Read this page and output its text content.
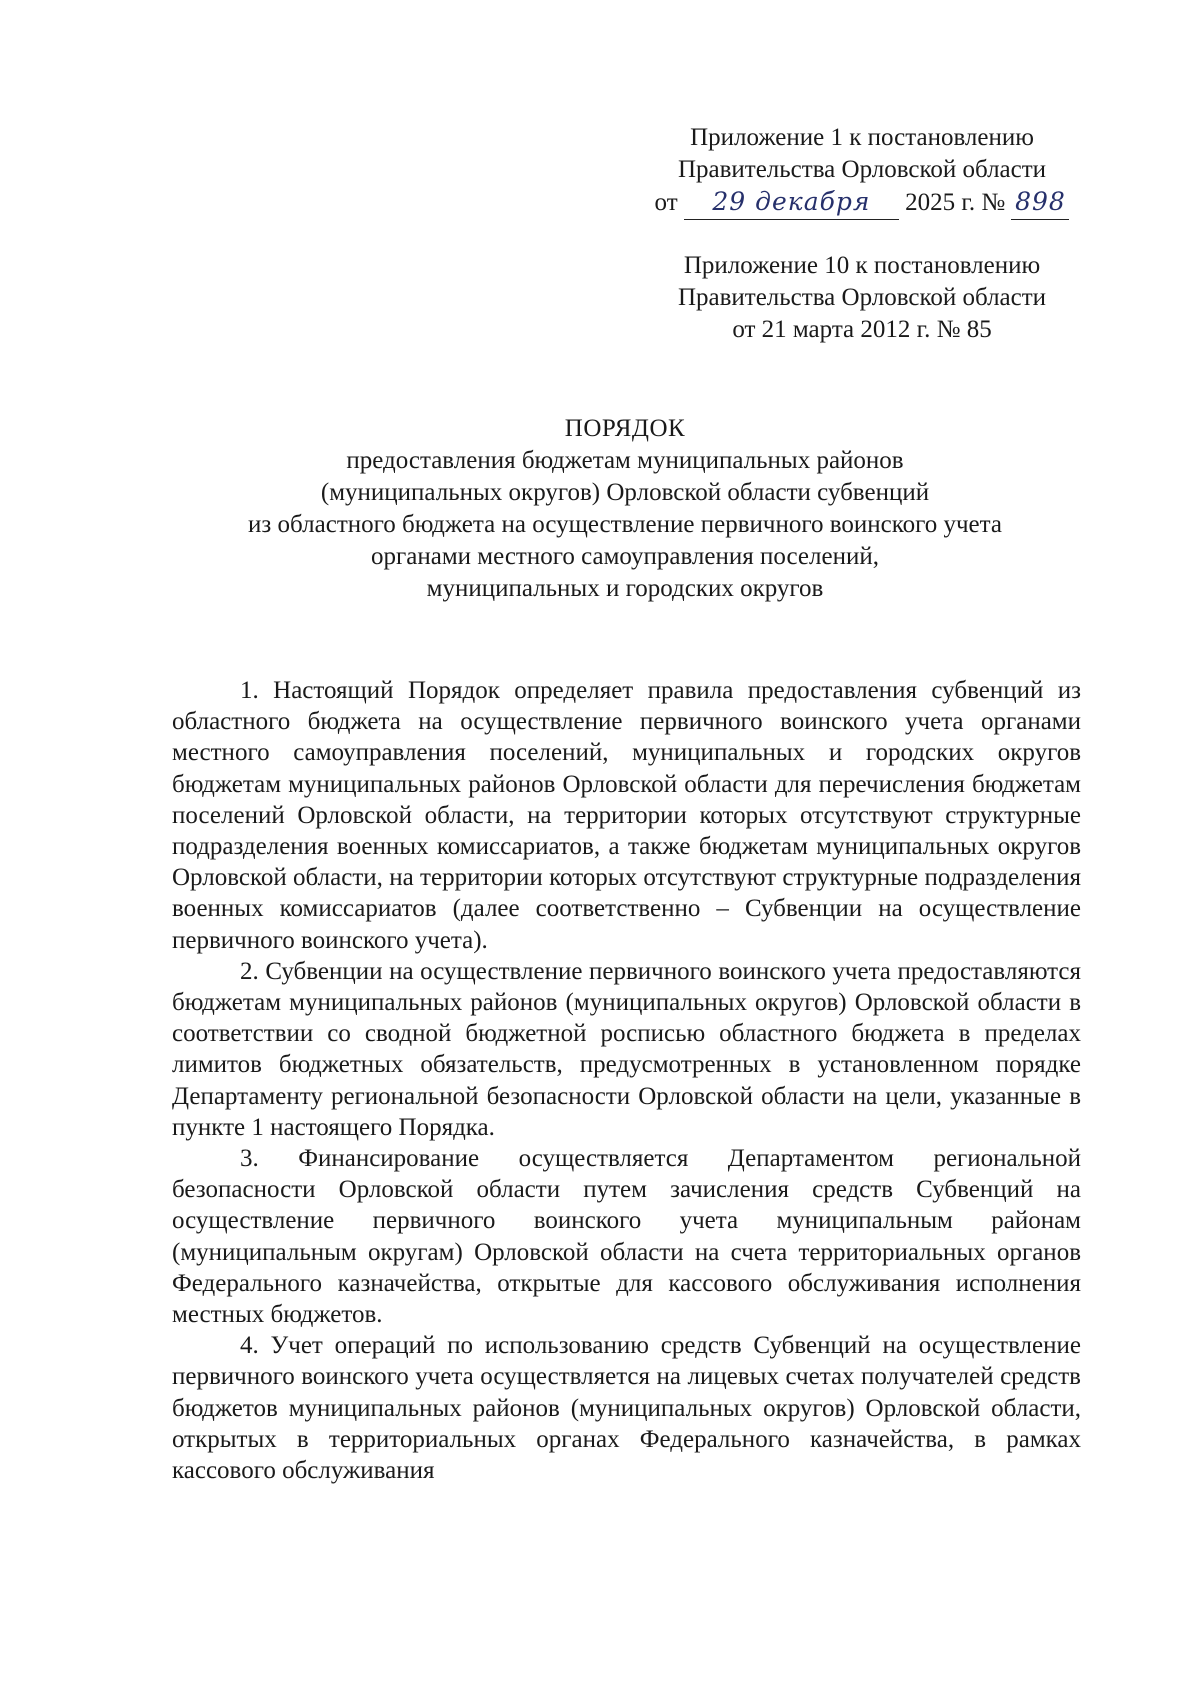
Приложение 1 к постановлению
Правительства Орловской области
от 29 декабря 2025 г. № 898
Приложение 10 к постановлению
Правительства Орловской области
от 21 марта 2012 г. № 85
ПОРЯДОК
предоставления бюджетам муниципальных районов
(муниципальных округов) Орловской области субвенций
из областного бюджета на осуществление первичного воинского учета
органами местного самоуправления поселений,
муниципальных и городских округов

1. Настоящий Порядок определяет правила предоставления субвенций из областного бюджета на осуществление первичного воинского учета органами местного самоуправления поселений, муниципальных и городских округов бюджетам муниципальных районов Орловской области для перечисления бюджетам поселений Орловской области, на территории которых отсутствуют структурные подразделения военных комиссариатов, а также бюджетам муниципальных округов Орловской области, на территории которых отсутствуют структурные подразделения военных комиссариатов (далее соответственно – Субвенции на осуществление первичного воинского учета).

2. Субвенции на осуществление первичного воинского учета предоставляются бюджетам муниципальных районов (муниципальных округов) Орловской области в соответствии со сводной бюджетной росписью областного бюджета в пределах лимитов бюджетных обязательств, предусмотренных в установленном порядке Департаменту региональной безопасности Орловской области на цели, указанные в пункте 1 настоящего Порядка.

3. Финансирование осуществляется Департаментом региональной безопасности Орловской области путем зачисления средств Субвенций на осуществление первичного воинского учета муниципальным районам (муниципальным округам) Орловской области на счета территориальных органов Федерального казначейства, открытые для кассового обслуживания исполнения местных бюджетов.

4. Учет операций по использованию средств Субвенций на осуществление первичного воинского учета осуществляется на лицевых счетах получателей средств бюджетов муниципальных районов (муниципальных округов) Орловской области, открытых в территориальных органах Федерального казначейства, в рамках кассового обслуживания
